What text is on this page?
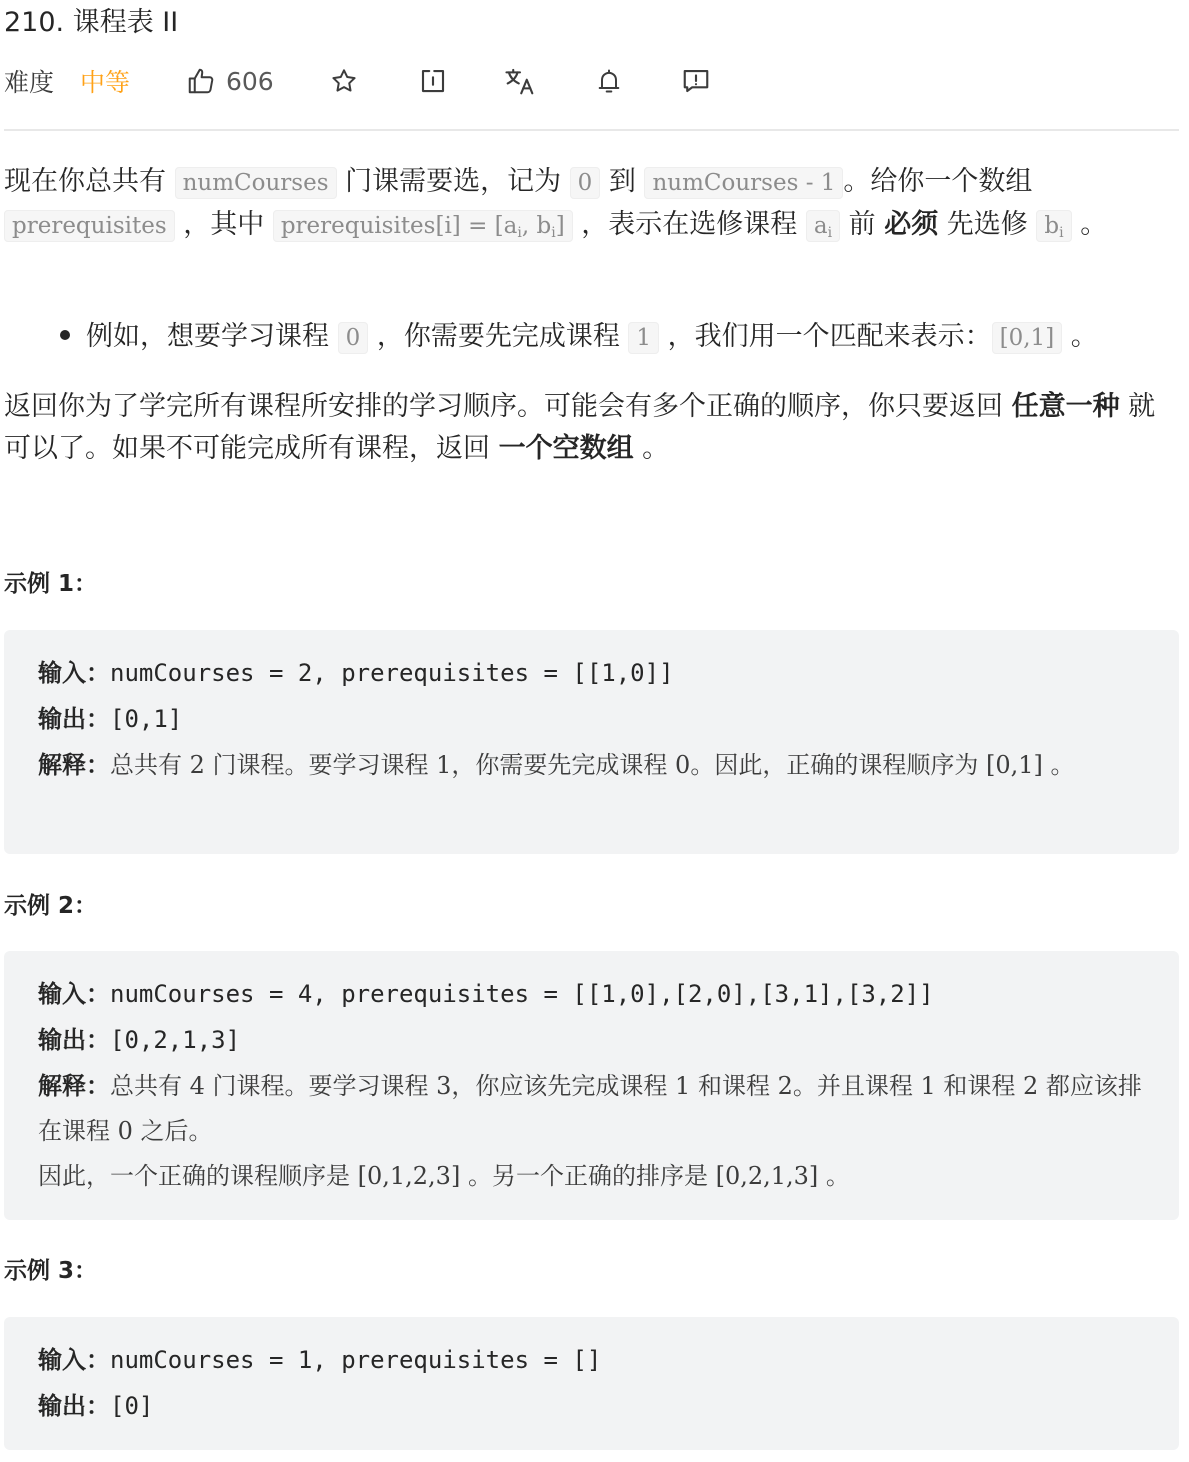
210. 课程表 II
难度 中等	606
现在你总共有 numCourses 门课需要选，记为 0 到 numCourses - 1 。给你一个数组 prerequisites ，其中 prerequisites[i] = [$a_i$, $b_i$] ，表示在选修课程 $a_i$ 前 必须 先选修 $b_i$ 。
例如，想要学习课程 0 ，你需要先完成课程 1 ，我们用一个匹配来表示： [0,1] 。
返回你为了学完所有课程所安排的学习顺序。可能会有多个正确的顺序，你只要返回 任意一种 就可以了。如果不可能完成所有课程，返回 一个空数组 。
示例 1：
输入：numCourses = 2, prerequisites = [[1,0]]
输出：[0,1]
解释：总共有 2 门课程。要学习课程 1，你需要先完成课程 0。因此，正确的课程顺序为 [0,1] 。
示例 2：
输入：numCourses = 4, prerequisites = [[1,0],[2,0],[3,1],[3,2]]
输出：[0,2,1,3]
解释：总共有 4 门课程。要学习课程 3，你应该先完成课程 1 和课程 2。并且课程 1 和课程 2 都应该排在课程 0 之后。
因此，一个正确的课程顺序是 [0,1,2,3] 。另一个正确的排序是 [0,2,1,3] 。
示例 3：
输入：numCourses = 1, prerequisites = []
输出：[0]
